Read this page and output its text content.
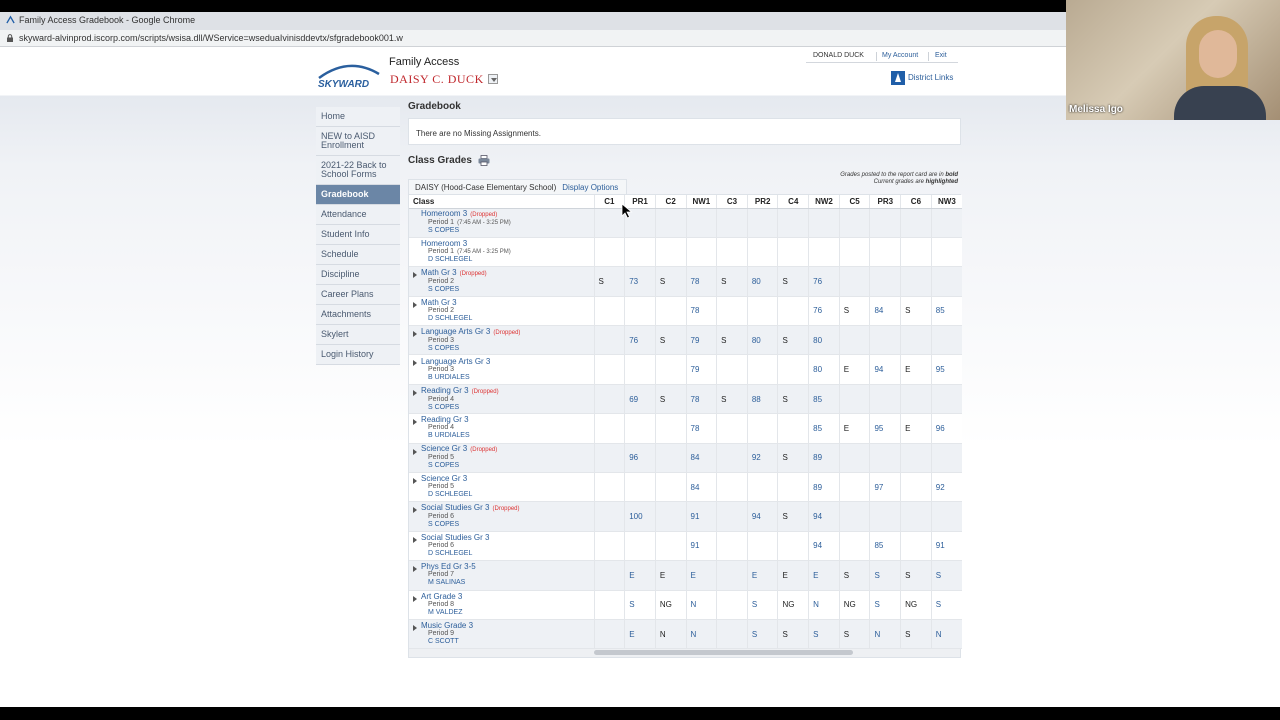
Family Access Gradebook - Google Chrome
skyward-alvinprod.iscorp.com/scripts/wsisa.dll/WService=wseduaIvinisddevtx/sfgradebook001.w
SKYWARD
Family Access
DAISY C. DUCK
DONALD DUCK	My Account Exit
District Links
Home
NEW to AISD Enrollment
2021-22 Back to School Forms
Gradebook
Attendance
Student Info
Schedule
Discipline
Career Plans
Attachments
Skylert
Login History
Gradebook
There are no Missing Assignments.
Class Grades
Grades posted to the report card are in bold
Current grades are highlighted
DAISY (Hood-Case Elementary School) Display Options
Class	C1	PR1	C2	NW1	C3	PR2	C4	NW2	C5	PR3	C6	NW3

Homeroom 3 (Dropped)
Period 1 (7:45 AM - 3:25 PM)
S COPES												

Homeroom 3
Period 1 (7:45 AM - 3:25 PM)
D SCHLEGEL												

Math Gr 3 (Dropped)
Period 2
S COPES	S	73	S	78	S	80	S	76				

Math Gr 3
Period 2
D SCHLEGEL				78				76	S	84	S	85

Language Arts Gr 3 (Dropped)
Period 3
S COPES		76	S	79	S	80	S	80				

Language Arts Gr 3
Period 3
B URDIALES				79				80	E	94	E	95

Reading Gr 3 (Dropped)
Period 4
S COPES		69	S	78	S	88	S	85				

Reading Gr 3
Period 4
B URDIALES				78				85	E	95	E	96

Science Gr 3 (Dropped)
Period 5
S COPES		96		84		92	S	89				

Science Gr 3
Period 5
D SCHLEGEL				84				89		97		92

Social Studies Gr 3 (Dropped)
Period 6
S COPES		100		91		94	S	94				

Social Studies Gr 3
Period 6
D SCHLEGEL				91				94		85		91

Phys Ed Gr 3-5
Period 7
M SALINAS		E	E	E		E	E	E	S	S	S	S

Art Grade 3
Period 8
M VALDEZ		S	NG	N		S	NG	N	NG	S	NG	S

Music Grade 3
Period 9
C SCOTT		E	N	N		S	S	S	S	N	S	N
Melissa Igo
